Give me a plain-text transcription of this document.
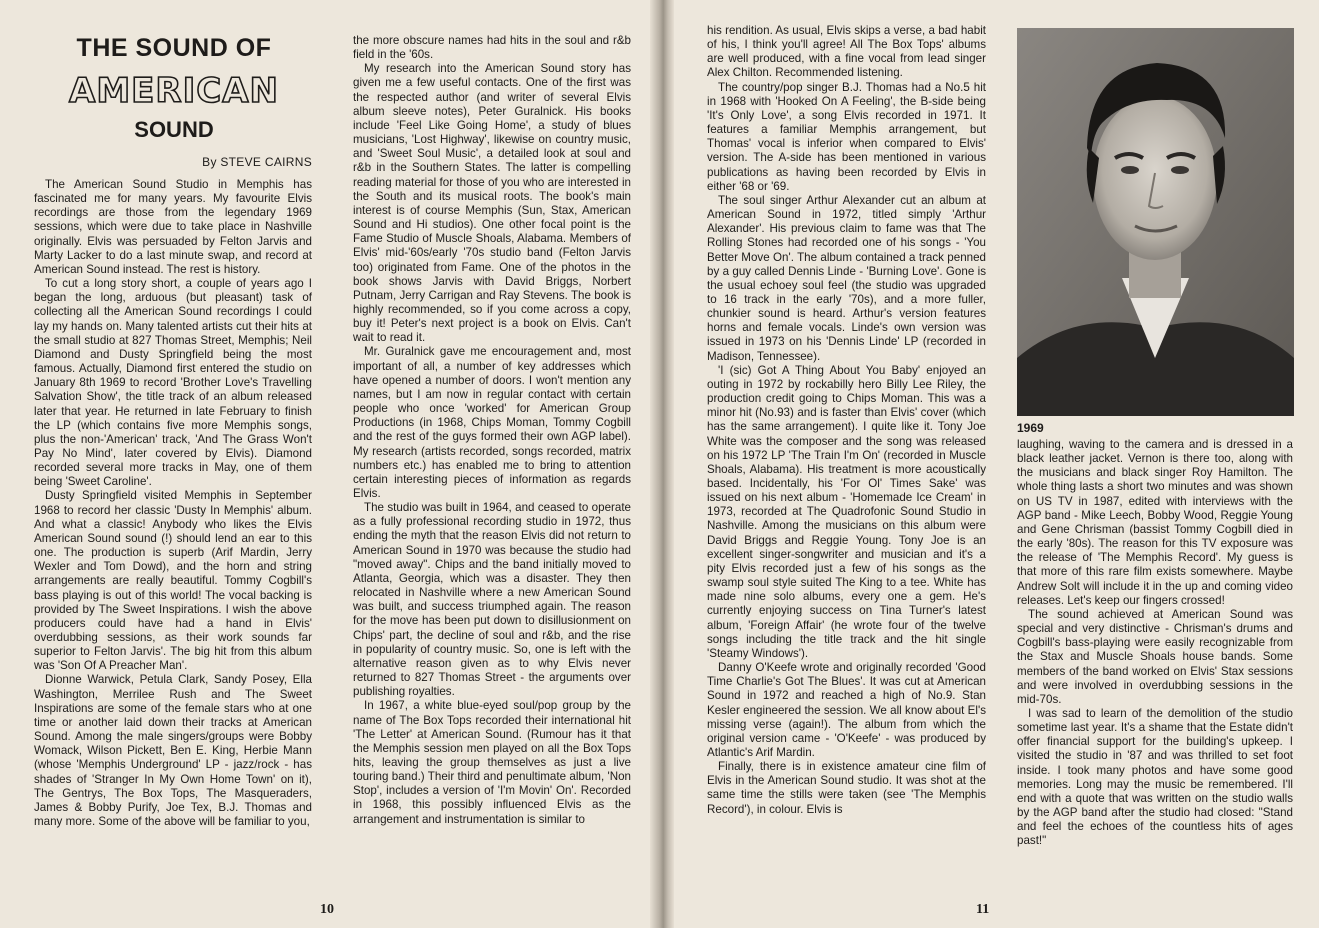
THE SOUND OF
AMERICAN
SOUND
By STEVE CAIRNS

The American Sound Studio in Memphis has fascinated me for many years. My favourite Elvis recordings are those from the legendary 1969 sessions, which were due to take place in Nashville originally. Elvis was persuaded by Felton Jarvis and Marty Lacker to do a last minute swap, and record at American Sound instead. The rest is history.

To cut a long story short, a couple of years ago I began the long, arduous (but pleasant) task of collecting all the American Sound recordings I could lay my hands on. Many talented artists cut their hits at the small studio at 827 Thomas Street, Memphis; Neil Diamond and Dusty Springfield being the most famous. Actually, Diamond first entered the studio on January 8th 1969 to record 'Brother Love's Travelling Salvation Show', the title track of an album released later that year. He returned in late February to finish the LP (which contains five more Memphis songs, plus the non-'American' track, 'And The Grass Won't Pay No Mind', later covered by Elvis). Diamond recorded several more tracks in May, one of them being 'Sweet Caroline'.

Dusty Springfield visited Memphis in September 1968 to record her classic 'Dusty In Memphis' album. And what a classic! Anybody who likes the Elvis American Sound sound (!) should lend an ear to this one. The production is superb (Arif Mardin, Jerry Wexler and Tom Dowd), and the horn and string arrangements are really beautiful. Tommy Cogbill's bass playing is out of this world! The vocal backing is provided by The Sweet Inspirations. I wish the above producers could have had a hand in Elvis' overdubbing sessions, as their work sounds far superior to Felton Jarvis'. The big hit from this album was 'Son Of A Preacher Man'.

Dionne Warwick, Petula Clark, Sandy Posey, Ella Washington, Merrilee Rush and The Sweet Inspirations are some of the female stars who at one time or another laid down their tracks at American Sound. Among the male singers/groups were Bobby Womack, Wilson Pickett, Ben E. King, Herbie Mann (whose 'Memphis Underground' LP - jazz/rock - has shades of 'Stranger In My Own Home Town' on it), The Gentrys, The Box Tops, The Masqueraders, James & Bobby Purify, Joe Tex, B.J. Thomas and many more. Some of the above will be familiar to you,

the more obscure names had hits in the soul and r&b field in the '60s.

My research into the American Sound story has given me a few useful contacts. One of the first was the respected author (and writer of several Elvis album sleeve notes), Peter Guralnick. His books include 'Feel Like Going Home', a study of blues musicians, 'Lost Highway', likewise on country music, and 'Sweet Soul Music', a detailed look at soul and r&b in the Southern States. The latter is compelling reading material for those of you who are interested in the South and its musical roots. The book's main interest is of course Memphis (Sun, Stax, American Sound and Hi studios). One other focal point is the Fame Studio of Muscle Shoals, Alabama. Members of Elvis' mid-'60s/early '70s studio band (Felton Jarvis too) originated from Fame. One of the photos in the book shows Jarvis with David Briggs, Norbert Putnam, Jerry Carrigan and Ray Stevens. The book is highly recommended, so if you come across a copy, buy it! Peter's next project is a book on Elvis. Can't wait to read it.

Mr. Guralnick gave me encouragement and, most important of all, a number of key addresses which have opened a number of doors. I won't mention any names, but I am now in regular contact with certain people who once 'worked' for American Group Productions (in 1968, Chips Moman, Tommy Cogbill and the rest of the guys formed their own AGP label). My research (artists recorded, songs recorded, matrix numbers etc.) has enabled me to bring to attention certain interesting pieces of information as regards Elvis.

The studio was built in 1964, and ceased to operate as a fully professional recording studio in 1972, thus ending the myth that the reason Elvis did not return to American Sound in 1970 was because the studio had "moved away". Chips and the band initially moved to Atlanta, Georgia, which was a disaster. They then relocated in Nashville where a new American Sound was built, and success triumphed again. The reason for the move has been put down to disillusionment on Chips' part, the decline of soul and r&b, and the rise in popularity of country music. So, one is left with the alternative reason given as to why Elvis never returned to 827 Thomas Street - the arguments over publishing royalties.

In 1967, a white blue-eyed soul/pop group by the name of The Box Tops recorded their international hit 'The Letter' at American Sound. (Rumour has it that the Memphis session men played on all the Box Tops hits, leaving the group themselves as just a live touring band.) Their third and penultimate album, 'Non Stop', includes a version of 'I'm Movin' On'. Recorded in 1968, this possibly influenced Elvis as the arrangement and instrumentation is similar to

10	11

his rendition. As usual, Elvis skips a verse, a bad habit of his, I think you'll agree! All The Box Tops' albums are well produced, with a fine vocal from lead singer Alex Chilton. Recommended listening.

The country/pop singer B.J. Thomas had a No.5 hit in 1968 with 'Hooked On A Feeling', the B-side being 'It's Only Love', a song Elvis recorded in 1971. It features a familiar Memphis arrangement, but Thomas' vocal is inferior when compared to Elvis' version. The A-side has been mentioned in various publications as having been recorded by Elvis in either '68 or '69.

The soul singer Arthur Alexander cut an album at American Sound in 1972, titled simply 'Arthur Alexander'. His previous claim to fame was that The Rolling Stones had recorded one of his songs - 'You Better Move On'. The album contained a track penned by a guy called Dennis Linde - 'Burning Love'. Gone is the usual echoey soul feel (the studio was upgraded to 16 track in the early '70s), and a more fuller, chunkier sound is heard. Arthur's version features horns and female vocals. Linde's own version was issued in 1973 on his 'Dennis Linde' LP (recorded in Madison, Tennessee).

'I (sic) Got A Thing About You Baby' enjoyed an outing in 1972 by rockabilly hero Billy Lee Riley, the production credit going to Chips Moman. This was a minor hit (No.93) and is faster than Elvis' cover (which has the same arrangement). I quite like it. Tony Joe White was the composer and the song was released on his 1972 LP 'The Train I'm On' (recorded in Muscle Shoals, Alabama). His treatment is more acoustically based. Incidentally, his 'For Ol' Times Sake' was issued on his next album - 'Homemade Ice Cream' in 1973, recorded at The Quadrofonic Sound Studio in Nashville. Among the musicians on this album were David Briggs and Reggie Young. Tony Joe is an excellent singer-songwriter and musician and it's a pity Elvis recorded just a few of his songs as the swamp soul style suited The King to a tee. White has made nine solo albums, every one a gem. He's currently enjoying success on Tina Turner's latest album, 'Foreign Affair' (he wrote four of the twelve songs including the title track and the hit single 'Steamy Windows').

Danny O'Keefe wrote and originally recorded 'Good Time Charlie's Got The Blues'. It was cut at American Sound in 1972 and reached a high of No.9. Stan Kesler engineered the session. We all know about El's missing verse (again!). The album from which the original version came - 'O'Keefe' - was produced by Atlantic's Arif Mardin.

Finally, there is in existence amateur cine film of Elvis in the American Sound studio. It was shot at the same time the stills were taken (see 'The Memphis Record'), in colour. Elvis is

1969

laughing, waving to the camera and is dressed in a black leather jacket. Vernon is there too, along with the musicians and black singer Roy Hamilton. The whole thing lasts a short two minutes and was shown on US TV in 1987, edited with interviews with the AGP band - Mike Leech, Bobby Wood, Reggie Young and Gene Chrisman (bassist Tommy Cogbill died in the early '80s). The reason for this TV exposure was the release of 'The Memphis Record'. My guess is that more of this rare film exists somewhere. Maybe Andrew Solt will include it in the up and coming video releases. Let's keep our fingers crossed!

The sound achieved at American Sound was special and very distinctive - Chrisman's drums and Cogbill's bass-playing were easily recognizable from the Stax and Muscle Shoals house bands. Some members of the band worked on Elvis' Stax sessions and were involved in overdubbing sessions in the mid-70s.

I was sad to learn of the demolition of the studio sometime last year. It's a shame that the Estate didn't offer financial support for the building's upkeep. I visited the studio in '87 and was thrilled to set foot inside. I took many photos and have some good memories. Long may the music be remembered. I'll end with a quote that was written on the studio walls by the AGP band after the studio had closed: "Stand and feel the echoes of the countless hits of ages past!"
